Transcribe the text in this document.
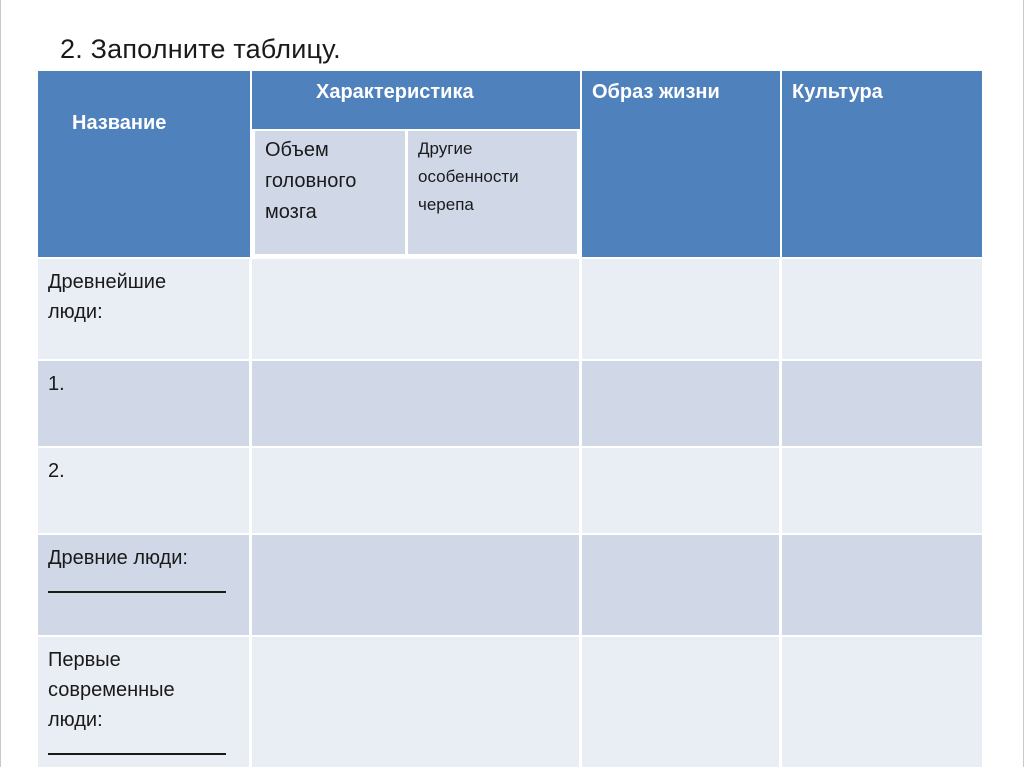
2. Заполните таблицу.
Название
Характеристика
Объем
головного
мозга
Другие
особенности
черепа
Образ жизни	Культура
Древнейшие
люди:
1.
2.
Древние люди:
Первые
современные
люди:
